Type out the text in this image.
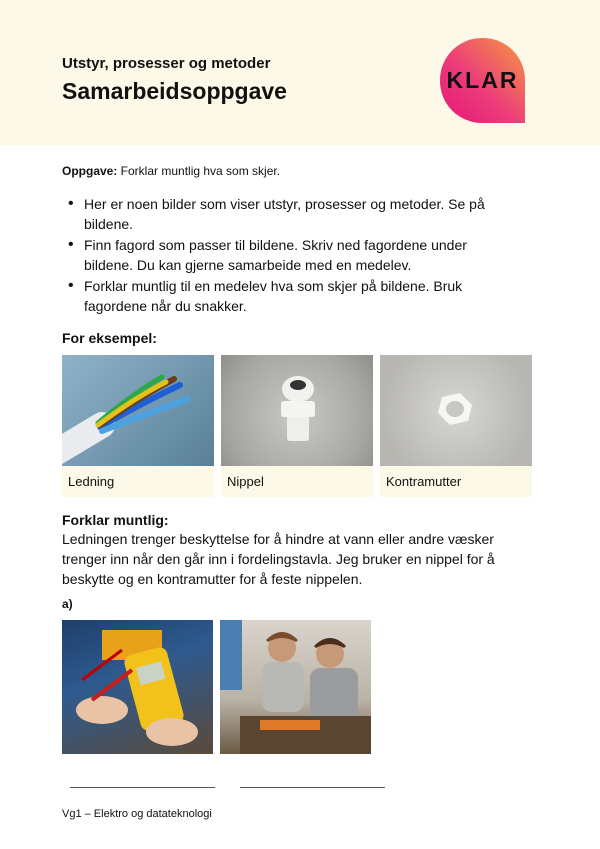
Utstyr, prosesser og metoder
Samarbeidsoppgave	KLAR
Oppgave: Forklar muntlig hva som skjer.
• Her er noen bilder som viser utstyr, prosesser og metoder. Se på bildene.
• Finn fagord som passer til bildene. Skriv ned fagordene under bildene. Du kan gjerne samarbeide med en medelev.
• Forklar muntlig til en medelev hva som skjer på bildene. Bruk fagordene når du snakker.
For eksempel:
Ledning	Nippel	Kontramutter
Forklar muntlig:
Ledningen trenger beskyttelse for å hindre at vann eller andre væsker trenger inn når den går inn i fordelingstavla. Jeg bruker en nippel for å beskytte og en kontramutter for å feste nippelen.
a)
Vg1 – Elektro og datateknologi
